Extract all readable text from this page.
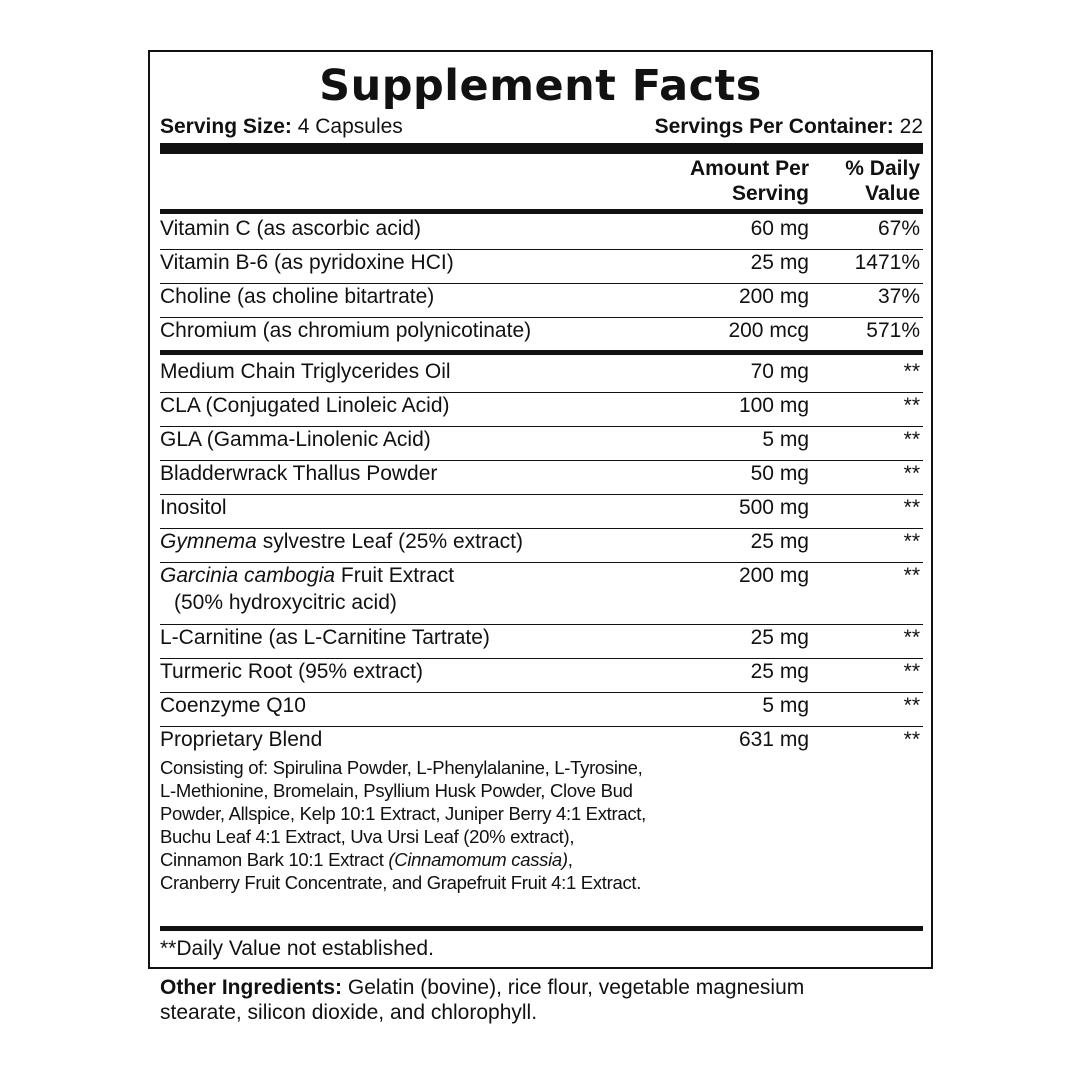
Supplement Facts
Serving Size: 4 Capsules	Servings Per Container: 22
Amount Per
Serving
% Daily
Value
Vitamin C (as ascorbic acid)	60 mg	67%
Vitamin B-6 (as pyridoxine HCI)	25 mg 1471%
Choline (as choline bitartrate)	200 mg	37%
Chromium (as chromium polynicotinate)	200 mcg	571%
Medium Chain Triglycerides Oil	70 mg	**
CLA (Conjugated Linoleic Acid)	100 mg	**
GLA (Gamma-Linolenic Acid)	5 mg	**
Bladderwrack Thallus Powder	50 mg	**
Inositol	500 mg	**
Gymnema sylvestre Leaf (25% extract)	25 mg	**
Garcinia cambogia Fruit Extract
(50% hydroxycitric acid)
200 mg	**
L-Carnitine (as L-Carnitine Tartrate)	25 mg	**
Turmeric Root (95% extract)	25 mg	**
Coenzyme Q10	5 mg	**
Proprietary Blend	631 mg	**
Consisting of: Spirulina Powder, L-Phenylalanine, L-Tyrosine,
L-Methionine, Bromelain, Psyllium Husk Powder, Clove Bud
Powder, Allspice, Kelp 10:1 Extract, Juniper Berry 4:1 Extract,
Buchu Leaf 4:1 Extract, Uva Ursi Leaf (20% extract),
Cinnamon Bark 10:1 Extract (Cinnamomum cassia),
Cranberry Fruit Concentrate, and Grapefruit Fruit 4:1 Extract.
**Daily Value not established.
Other Ingredients: Gelatin (bovine), rice flour, vegetable magnesium
stearate, silicon dioxide, and chlorophyll.
